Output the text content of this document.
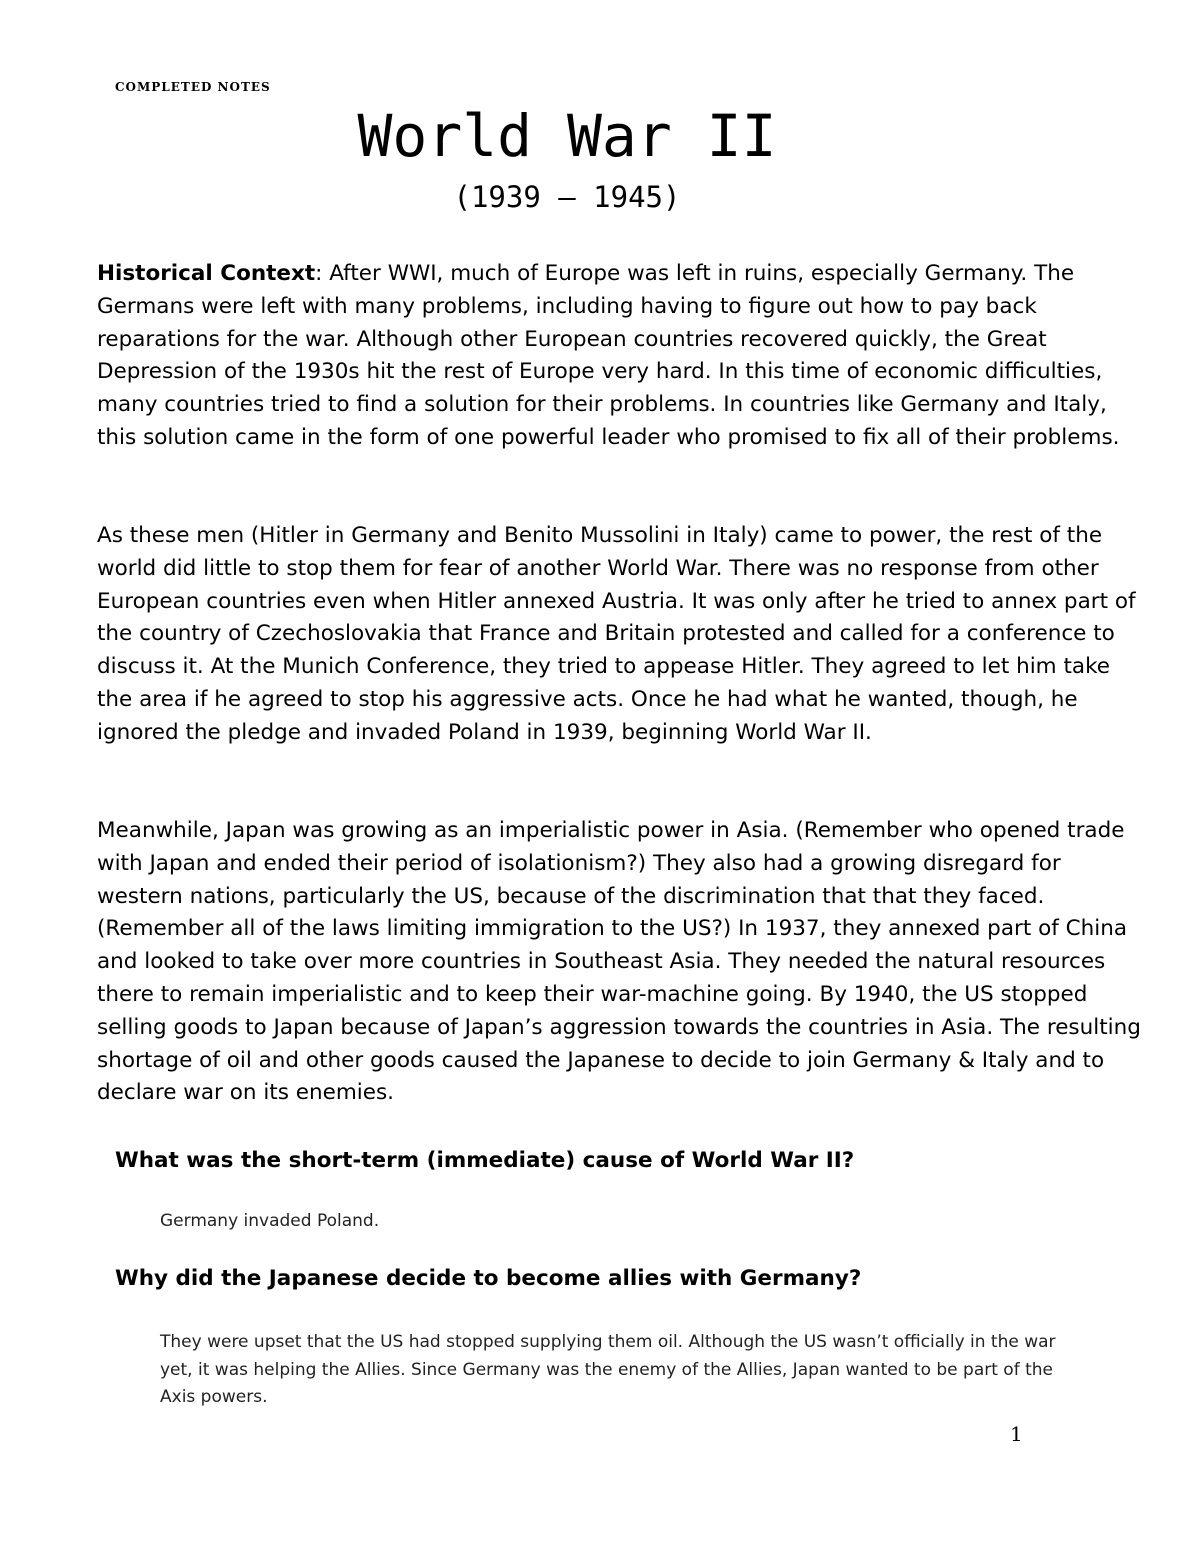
COMPLETED NOTES
World War II
(1939 – 1945)

Historical Context: After WWI, much of Europe was left in ruins, especially Germany. The Germans were left with many problems, including having to figure out how to pay back reparations for the war. Although other European countries recovered quickly, the Great Depression of the 1930s hit the rest of Europe very hard. In this time of economic difficulties, many countries tried to find a solution for their problems. In countries like Germany and Italy, this solution came in the form of one powerful leader who promised to fix all of their problems.

As these men (Hitler in Germany and Benito Mussolini in Italy) came to power, the rest of the world did little to stop them for fear of another World War. There was no response from other European countries even when Hitler annexed Austria. It was only after he tried to annex part of the country of Czechoslovakia that France and Britain protested and called for a conference to discuss it. At the Munich Conference, they tried to appease Hitler. They agreed to let him take the area if he agreed to stop his aggressive acts. Once he had what he wanted, though, he ignored the pledge and invaded Poland in 1939, beginning World War II.

Meanwhile, Japan was growing as an imperialistic power in Asia. (Remember who opened trade with Japan and ended their period of isolationism?) They also had a growing disregard for western nations, particularly the US, because of the discrimination that that they faced. (Remember all of the laws limiting immigration to the US?) In 1937, they annexed part of China and looked to take over more countries in Southeast Asia. They needed the natural resources there to remain imperialistic and to keep their war-machine going. By 1940, the US stopped selling goods to Japan because of Japan’s aggression towards the countries in Asia. The resulting shortage of oil and other goods caused the Japanese to decide to join Germany & Italy and to declare war on its enemies.

What was the short-term (immediate) cause of World War II?

Germany invaded Poland.

Why did the Japanese decide to become allies with Germany?

They were upset that the US had stopped supplying them oil. Although the US wasn’t officially in the war yet, it was helping the Allies. Since Germany was the enemy of the Allies, Japan wanted to be part of the Axis powers.

1
